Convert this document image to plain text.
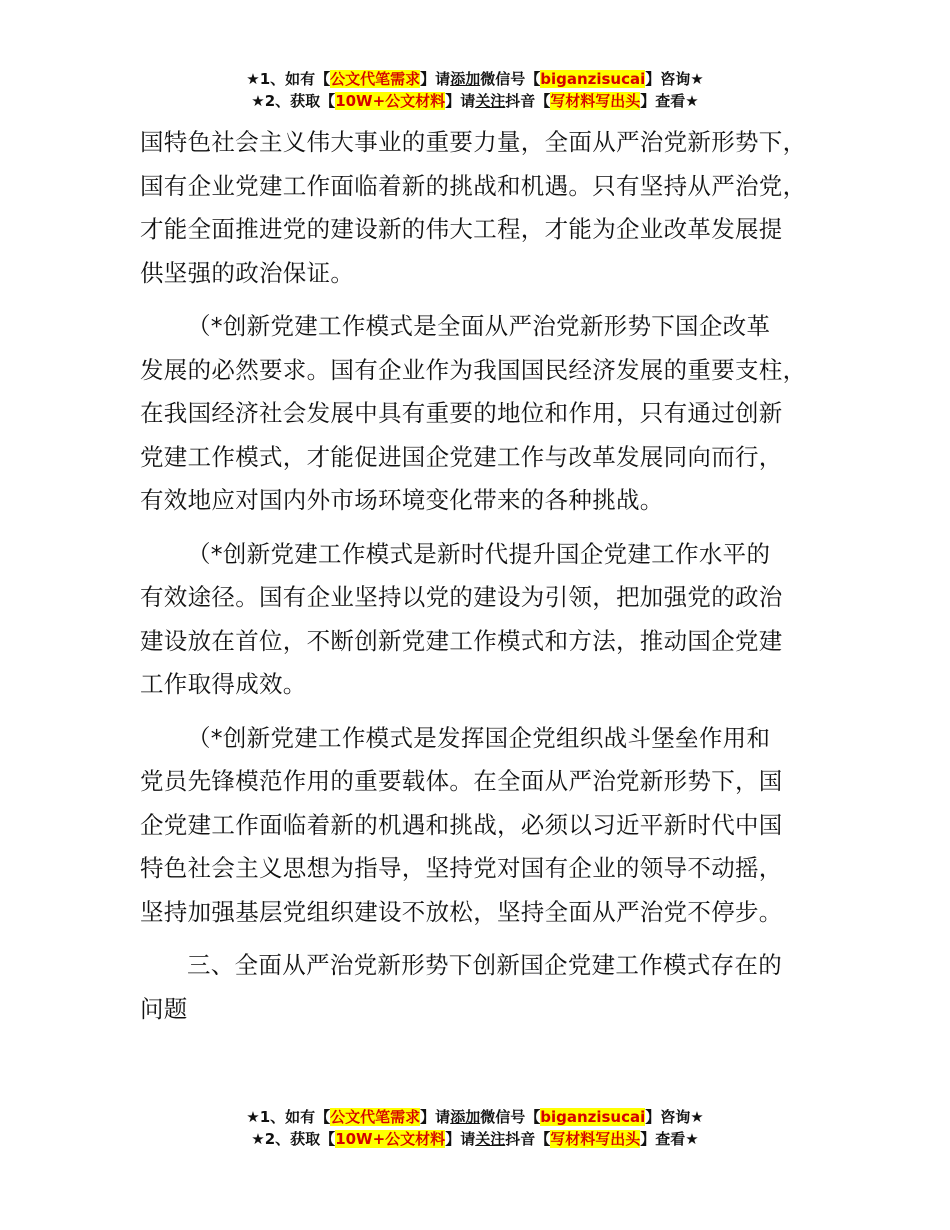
★1、如有【公文代笔需求】请添加微信号【biganzisucai】咨询★
★2、获取【10W+公文材料】请关注抖音【写材料写出头】查看★
国特色社会主义伟大事业的重要力量，全面从严治党新形势下，
国有企业党建工作面临着新的挑战和机遇。只有坚持从严治党，
才能全面推进党的建设新的伟大工程，才能为企业改革发展提
供坚强的政治保证。
（*创新党建工作模式是全面从严治党新形势下国企改革
发展的必然要求。国有企业作为我国国民经济发展的重要支柱，
在我国经济社会发展中具有重要的地位和作用，只有通过创新
党建工作模式，才能促进国企党建工作与改革发展同向而行，
有效地应对国内外市场环境变化带来的各种挑战。
（*创新党建工作模式是新时代提升国企党建工作水平的
有效途径。国有企业坚持以党的建设为引领，把加强党的政治
建设放在首位，不断创新党建工作模式和方法，推动国企党建
工作取得成效。
（*创新党建工作模式是发挥国企党组织战斗堡垒作用和
党员先锋模范作用的重要载体。在全面从严治党新形势下，国
企党建工作面临着新的机遇和挑战，必须以习近平新时代中国
特色社会主义思想为指导，坚持党对国有企业的领导不动摇，
坚持加强基层党组织建设不放松，坚持全面从严治党不停步。
三、全面从严治党新形势下创新国企党建工作模式存在的
问题
★1、如有【公文代笔需求】请添加微信号【biganzisucai】咨询★
★2、获取【10W+公文材料】请关注抖音【写材料写出头】查看★
